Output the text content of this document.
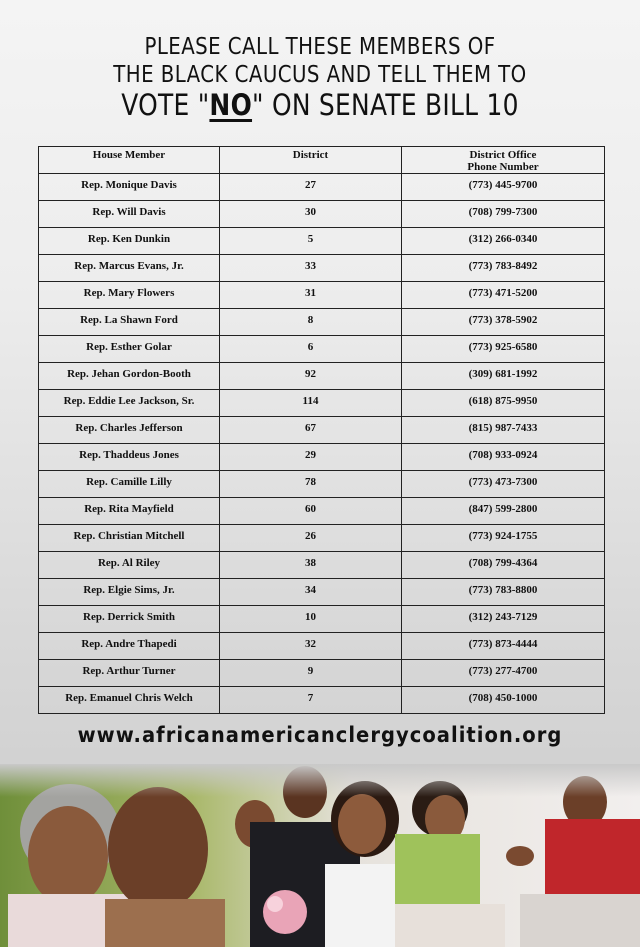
PLEASE CALL THESE MEMBERS OF
THE BLACK CAUCUS AND TELL THEM TO
VOTE "NO" ON SENATE BILL 10
House Member	District	District Office
Phone Number
Rep. Monique Davis	27	(773) 445-9700
Rep. Will Davis	30	(708) 799-7300
Rep. Ken Dunkin	5	(312) 266-0340
Rep. Marcus Evans, Jr.	33	(773) 783-8492
Rep. Mary Flowers	31	(773) 471-5200
Rep. La Shawn Ford	8	(773) 378-5902
Rep. Esther Golar	6	(773) 925-6580
Rep. Jehan Gordon-Booth	92	(309) 681-1992
Rep. Eddie Lee Jackson, Sr.	114	(618) 875-9950
Rep. Charles Jefferson	67	(815) 987-7433
Rep. Thaddeus Jones	29	(708) 933-0924
Rep. Camille Lilly	78	(773) 473-7300
Rep. Rita Mayfield	60	(847) 599-2800
Rep. Christian Mitchell	26	(773) 924-1755
Rep. Al Riley	38	(708) 799-4364
Rep. Elgie Sims, Jr.	34	(773) 783-8800
Rep. Derrick Smith	10	(312) 243-7129
Rep. Andre Thapedi	32	(773) 873-4444
Rep. Arthur Turner	9	(773) 277-4700
Rep. Emanuel Chris Welch	7	(708) 450-1000
www.africanamericanclergycoalition.org
